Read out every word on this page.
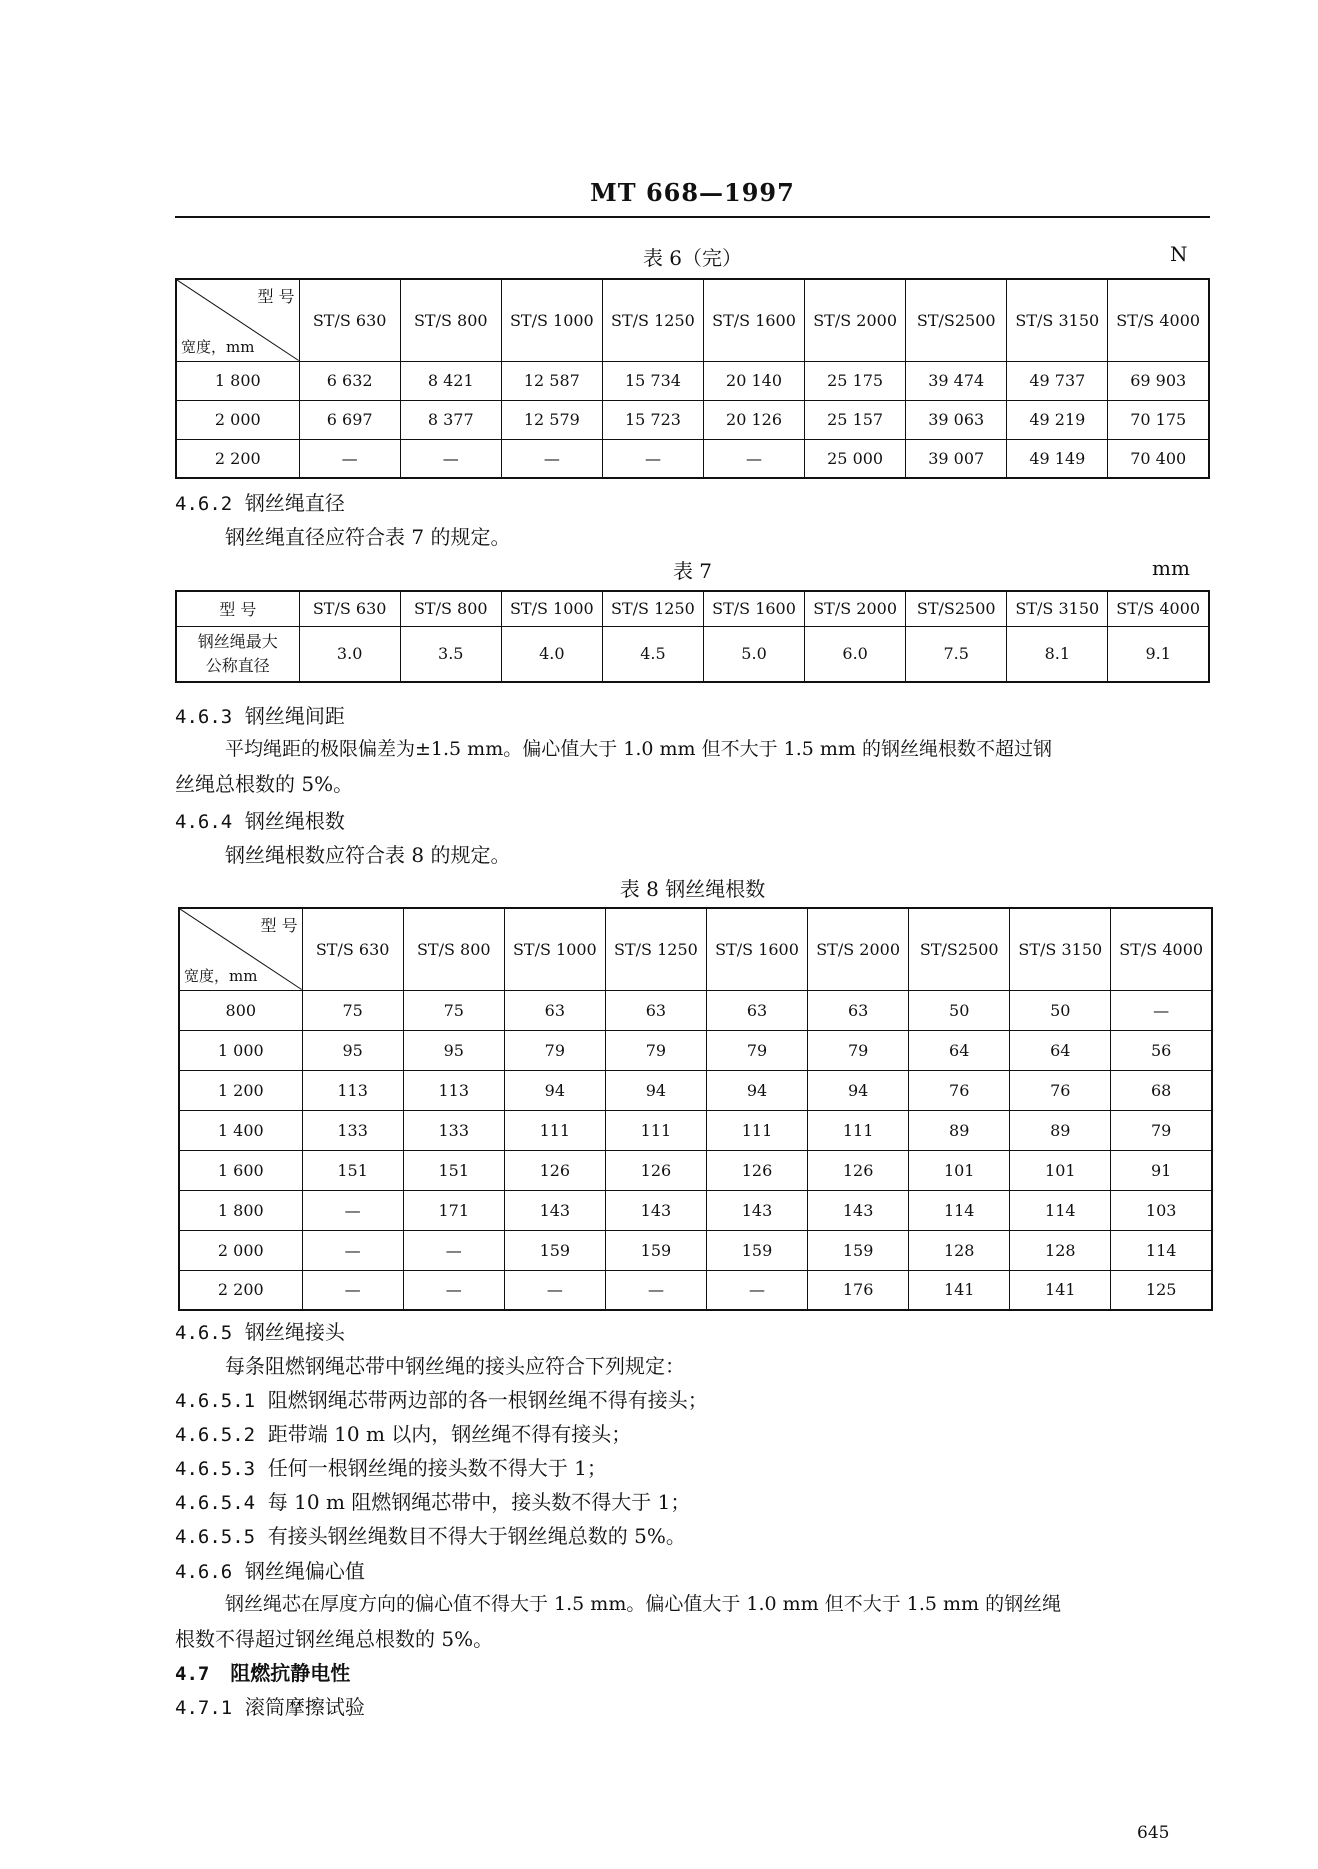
MT 668—1997
表 6（完）	N
型 号
宽度，mm	ST/S 630	ST/S 800	ST/S 1000	ST/S 1250	ST/S 1600	ST/S 2000	ST/S2500	ST/S 3150	ST/S 4000
1 800	6 632	8 421	12 587	15 734	20 140	25 175	39 474	49 737	69 903
2 000	6 697	8 377	12 579	15 723	20 126	25 157	39 063	49 219	70 175
2 200	—	—	—	—	—	25 000	39 007	49 149	70 400
4.6.2 钢丝绳直径
钢丝绳直径应符合表 7 的规定。
表 7	mm
型 号	ST/S 630	ST/S 800	ST/S 1000	ST/S 1250	ST/S 1600	ST/S 2000	ST/S2500	ST/S 3150	ST/S 4000

钢丝绳最大
公称直径	3.0	3.5	4.0	4.5	5.0	6.0	7.5	8.1	9.1
4.6.3 钢丝绳间距
平均绳距的极限偏差为±1.5 mm。偏心值大于 1.0 mm 但不大于 1.5 mm 的钢丝绳根数不超过钢
丝绳总根数的 5%。
4.6.4 钢丝绳根数
钢丝绳根数应符合表 8 的规定。
表 8 钢丝绳根数
型 号
宽度，mm	ST/S 630	ST/S 800	ST/S 1000	ST/S 1250	ST/S 1600	ST/S 2000	ST/S2500	ST/S 3150	ST/S 4000
800	75	75	63	63	63	63	50	50	—
1 000	95	95	79	79	79	79	64	64	56
1 200	113	113	94	94	94	94	76	76	68
1 400	133	133	111	111	111	111	89	89	79
1 600	151	151	126	126	126	126	101	101	91
1 800	—	171	143	143	143	143	114	114	103
2 000	—	—	159	159	159	159	128	128	114
2 200	—	—	—	—	—	176	141	141	125
4.6.5 钢丝绳接头
每条阻燃钢绳芯带中钢丝绳的接头应符合下列规定：
4.6.5.1 阻燃钢绳芯带两边部的各一根钢丝绳不得有接头；
4.6.5.2 距带端 10 m 以内，钢丝绳不得有接头；
4.6.5.3 任何一根钢丝绳的接头数不得大于 1；
4.6.5.4 每 10 m 阻燃钢绳芯带中，接头数不得大于 1；
4.6.5.5 有接头钢丝绳数目不得大于钢丝绳总数的 5%。
4.6.6 钢丝绳偏心值
钢丝绳芯在厚度方向的偏心值不得大于 1.5 mm。偏心值大于 1.0 mm 但不大于 1.5 mm 的钢丝绳
根数不得超过钢丝绳总根数的 5%。
4.7 阻燃抗静电性
4.7.1 滚筒摩擦试验
645
